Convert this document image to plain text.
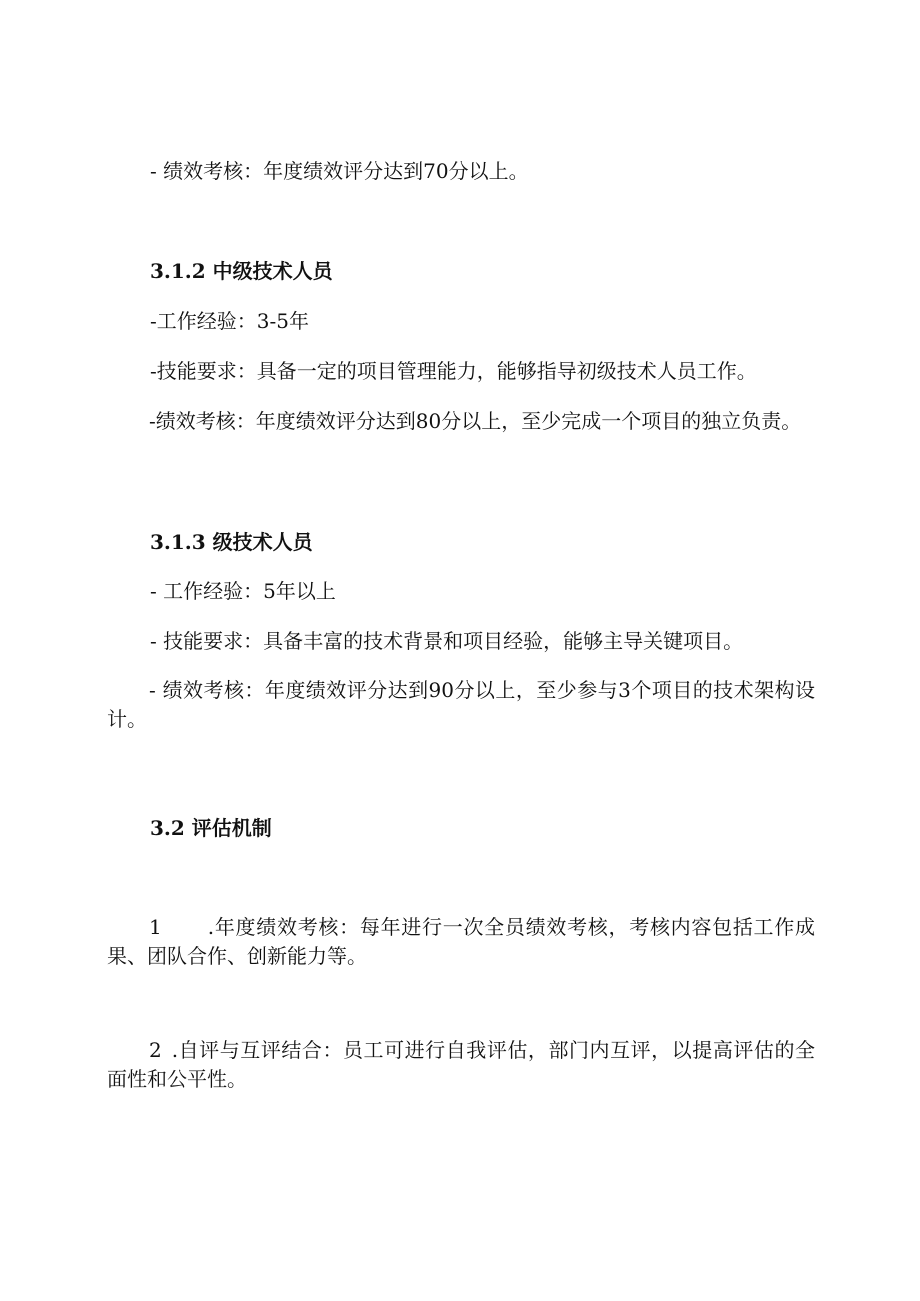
- 绩效考核：年度绩效评分达到70分以上。

3.1.2 中级技术人员

-工作经验：3-5年

-技能要求：具备一定的项目管理能力，能够指导初级技术人员工作。

-绩效考核：年度绩效评分达到80分以上，至少完成一个项目的独立负责。

3.1.3 级技术人员

- 工作经验：5年以上

- 技能要求：具备丰富的技术背景和项目经验，能够主导关键项目。

- 绩效考核：年度绩效评分达到90分以上，至少参与3个项目的技术架构设计。

3.2 评估机制

1 .年度绩效考核：每年进行一次全员绩效考核，考核内容包括工作成果、团队合作、创新能力等。

2 .自评与互评结合：员工可进行自我评估，部门内互评，以提高评估的全面性和公平性。
